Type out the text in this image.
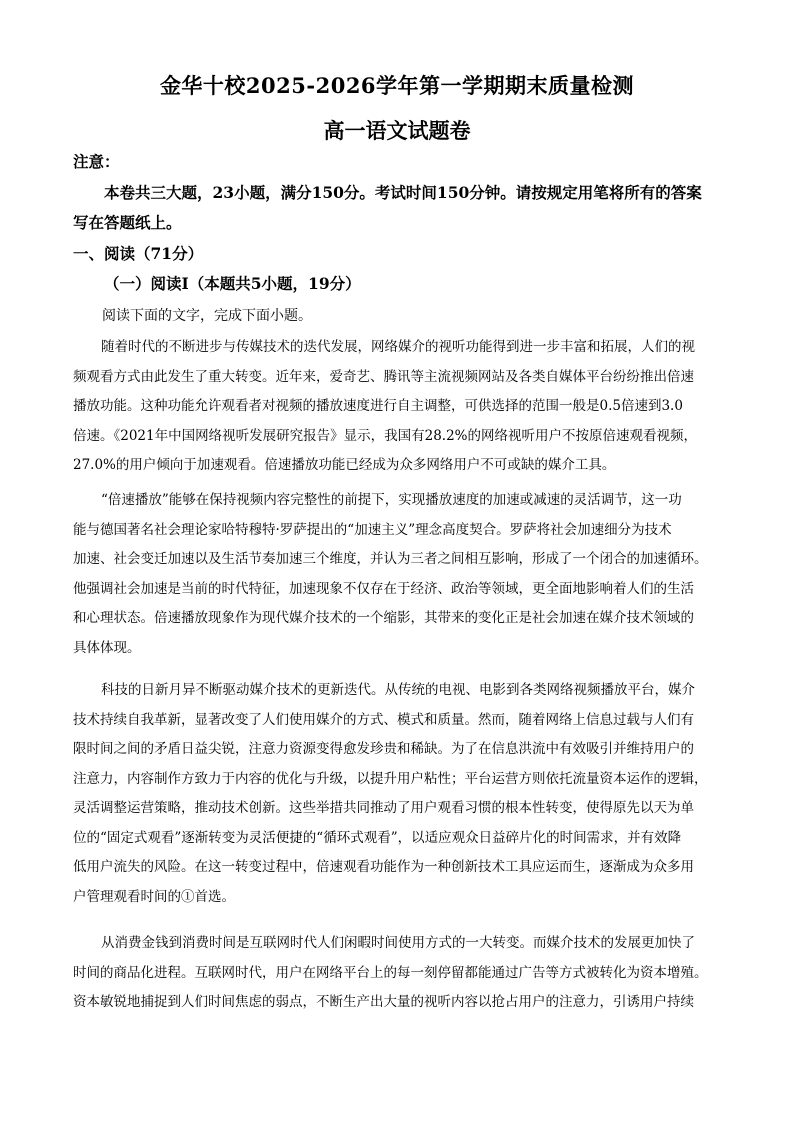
金华十校2025-2026学年第一学期期末质量检测
高一语文试题卷
注意：
本卷共三大题，23小题，满分150分。考试时间150分钟。请按规定用笔将所有的答案
写在答题纸上。
一、阅读（71分）
（一）阅读Ⅰ（本题共5小题，19分）
阅读下面的文字，完成下面小题。
随着时代的不断进步与传媒技术的迭代发展，网络媒介的视听功能得到进一步丰富和拓展，人们的视
频观看方式由此发生了重大转变。近年来，爱奇艺、腾讯等主流视频网站及各类自媒体平台纷纷推出倍速
播放功能。这种功能允许观看者对视频的播放速度进行自主调整，可供选择的范围一般是0.5倍速到3.0
倍速。《2021年中国网络视听发展研究报告》显示，我国有28.2%的网络视听用户不按原倍速观看视频，
27.0%的用户倾向于加速观看。倍速播放功能已经成为众多网络用户不可或缺的媒介工具。
“倍速播放”能够在保持视频内容完整性的前提下，实现播放速度的加速或减速的灵活调节，这一功
能与德国著名社会理论家哈特穆特·罗萨提出的“加速主义”理念高度契合。罗萨将社会加速细分为技术
加速、社会变迁加速以及生活节奏加速三个维度，并认为三者之间相互影响，形成了一个闭合的加速循环。
他强调社会加速是当前的时代特征，加速现象不仅存在于经济、政治等领域，更全面地影响着人们的生活
和心理状态。倍速播放现象作为现代媒介技术的一个缩影，其带来的变化正是社会加速在媒介技术领域的
具体体现。
科技的日新月异不断驱动媒介技术的更新迭代。从传统的电视、电影到各类网络视频播放平台，媒介
技术持续自我革新，显著改变了人们使用媒介的方式、模式和质量。然而，随着网络上信息过载与人们有
限时间之间的矛盾日益尖锐，注意力资源变得愈发珍贵和稀缺。为了在信息洪流中有效吸引并维持用户的
注意力，内容制作方致力于内容的优化与升级，以提升用户粘性；平台运营方则依托流量资本运作的逻辑，
灵活调整运营策略，推动技术创新。这些举措共同推动了用户观看习惯的根本性转变，使得原先以天为单
位的“固定式观看”逐渐转变为灵活便捷的“循环式观看”，以适应观众日益碎片化的时间需求，并有效降
低用户流失的风险。在这一转变过程中，倍速观看功能作为一种创新技术工具应运而生，逐渐成为众多用
户管理观看时间的①首选。
从消费金钱到消费时间是互联网时代人们闲暇时间使用方式的一大转变。而媒介技术的发展更加快了
时间的商品化进程。互联网时代，用户在网络平台上的每一刻停留都能通过广告等方式被转化为资本增殖。
资本敏锐地捕捉到人们时间焦虑的弱点，不断生产出大量的视听内容以抢占用户的注意力，引诱用户持续
